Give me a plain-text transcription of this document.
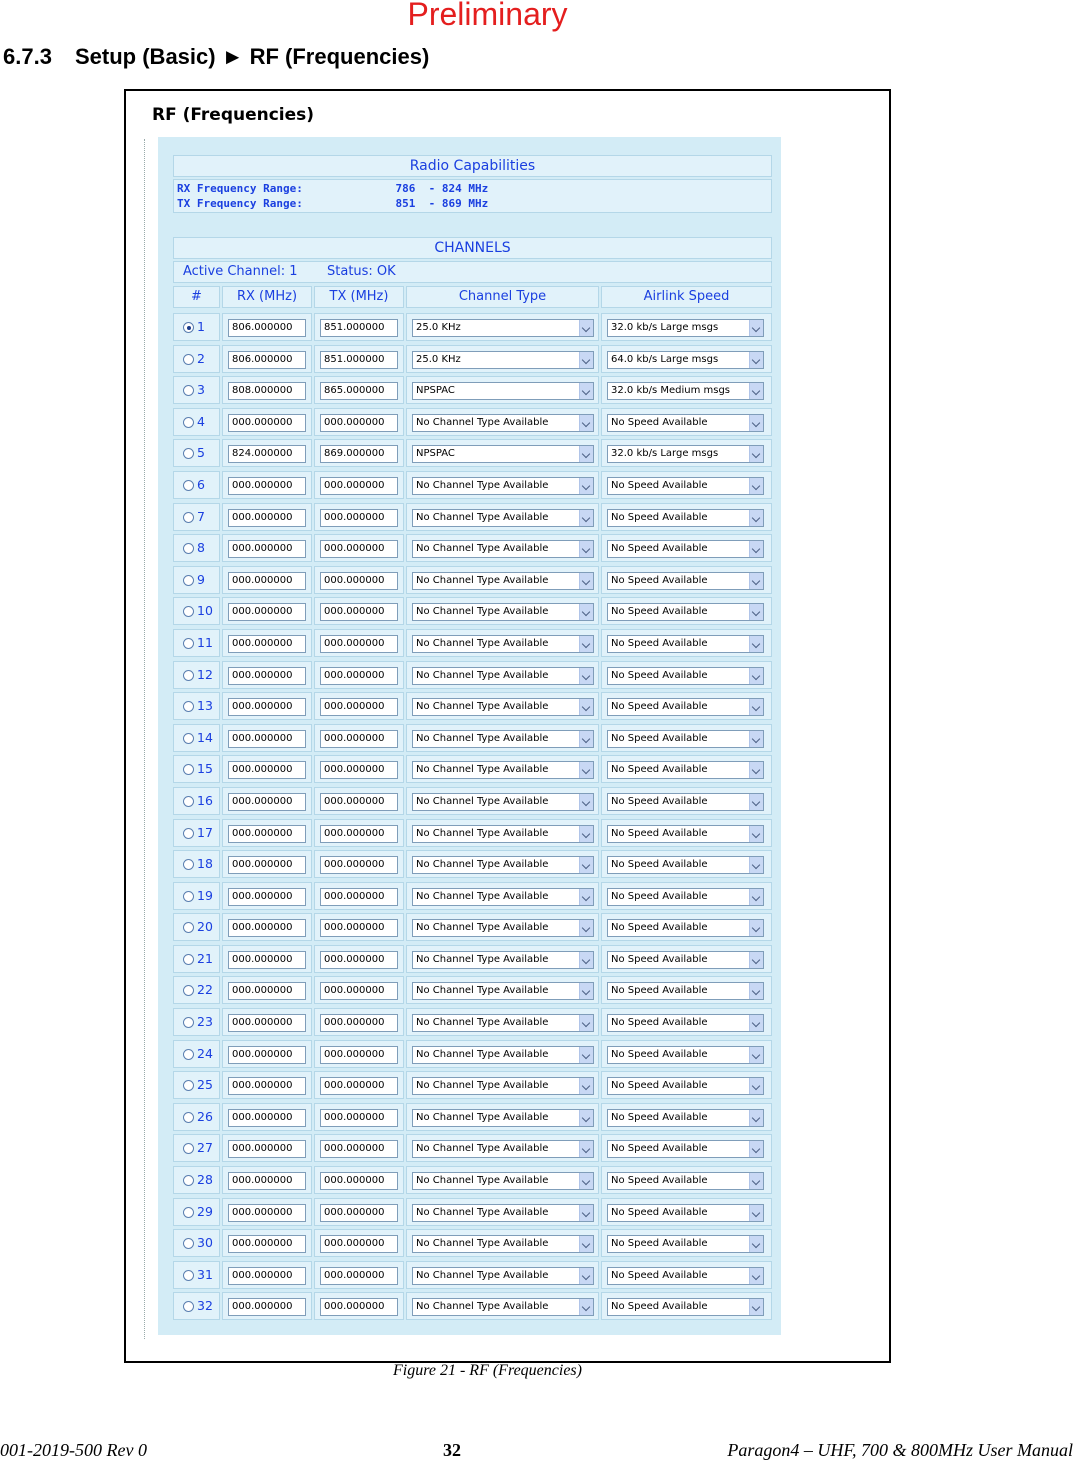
Preliminary
6.7.3 Setup (Basic) ► RF (Frequencies)
RF (Frequencies)
Radio Capabilities
RX Frequency Range:              786  - 824 MHz
TX Frequency Range:              851  - 869 MHz
CHANNELS
Active Channel: 1 Status: OK
#	RX (MHz)	TX (MHz)	Channel Type	Airlink Speed
1	806.000000	851.000000	25.0 KHz	32.0 kb/s Large msgs
2	806.000000	851.000000	25.0 KHz	64.0 kb/s Large msgs
3	808.000000	865.000000	NPSPAC	32.0 kb/s Medium msgs
4	000.000000	000.000000	No Channel Type Available	No Speed Available
5	824.000000	869.000000	NPSPAC	32.0 kb/s Large msgs
6	000.000000	000.000000	No Channel Type Available	No Speed Available
7	000.000000	000.000000	No Channel Type Available	No Speed Available
8	000.000000	000.000000	No Channel Type Available	No Speed Available
9	000.000000	000.000000	No Channel Type Available	No Speed Available
10	000.000000	000.000000	No Channel Type Available	No Speed Available
11	000.000000	000.000000	No Channel Type Available	No Speed Available
12	000.000000	000.000000	No Channel Type Available	No Speed Available
13	000.000000	000.000000	No Channel Type Available	No Speed Available
14	000.000000	000.000000	No Channel Type Available	No Speed Available
15	000.000000	000.000000	No Channel Type Available	No Speed Available
16	000.000000	000.000000	No Channel Type Available	No Speed Available
17	000.000000	000.000000	No Channel Type Available	No Speed Available
18	000.000000	000.000000	No Channel Type Available	No Speed Available
19	000.000000	000.000000	No Channel Type Available	No Speed Available
20	000.000000	000.000000	No Channel Type Available	No Speed Available
21	000.000000	000.000000	No Channel Type Available	No Speed Available
22	000.000000	000.000000	No Channel Type Available	No Speed Available
23	000.000000	000.000000	No Channel Type Available	No Speed Available
24	000.000000	000.000000	No Channel Type Available	No Speed Available
25	000.000000	000.000000	No Channel Type Available	No Speed Available
26	000.000000	000.000000	No Channel Type Available	No Speed Available
27	000.000000	000.000000	No Channel Type Available	No Speed Available
28	000.000000	000.000000	No Channel Type Available	No Speed Available
29	000.000000	000.000000	No Channel Type Available	No Speed Available
30	000.000000	000.000000	No Channel Type Available	No Speed Available
31	000.000000	000.000000	No Channel Type Available	No Speed Available
32	000.000000	000.000000	No Channel Type Available	No Speed Available
Figure 21 - RF (Frequencies)
001-2019-500 Rev 0	32	Paragon4 – UHF, 700 & 800MHz User Manual
